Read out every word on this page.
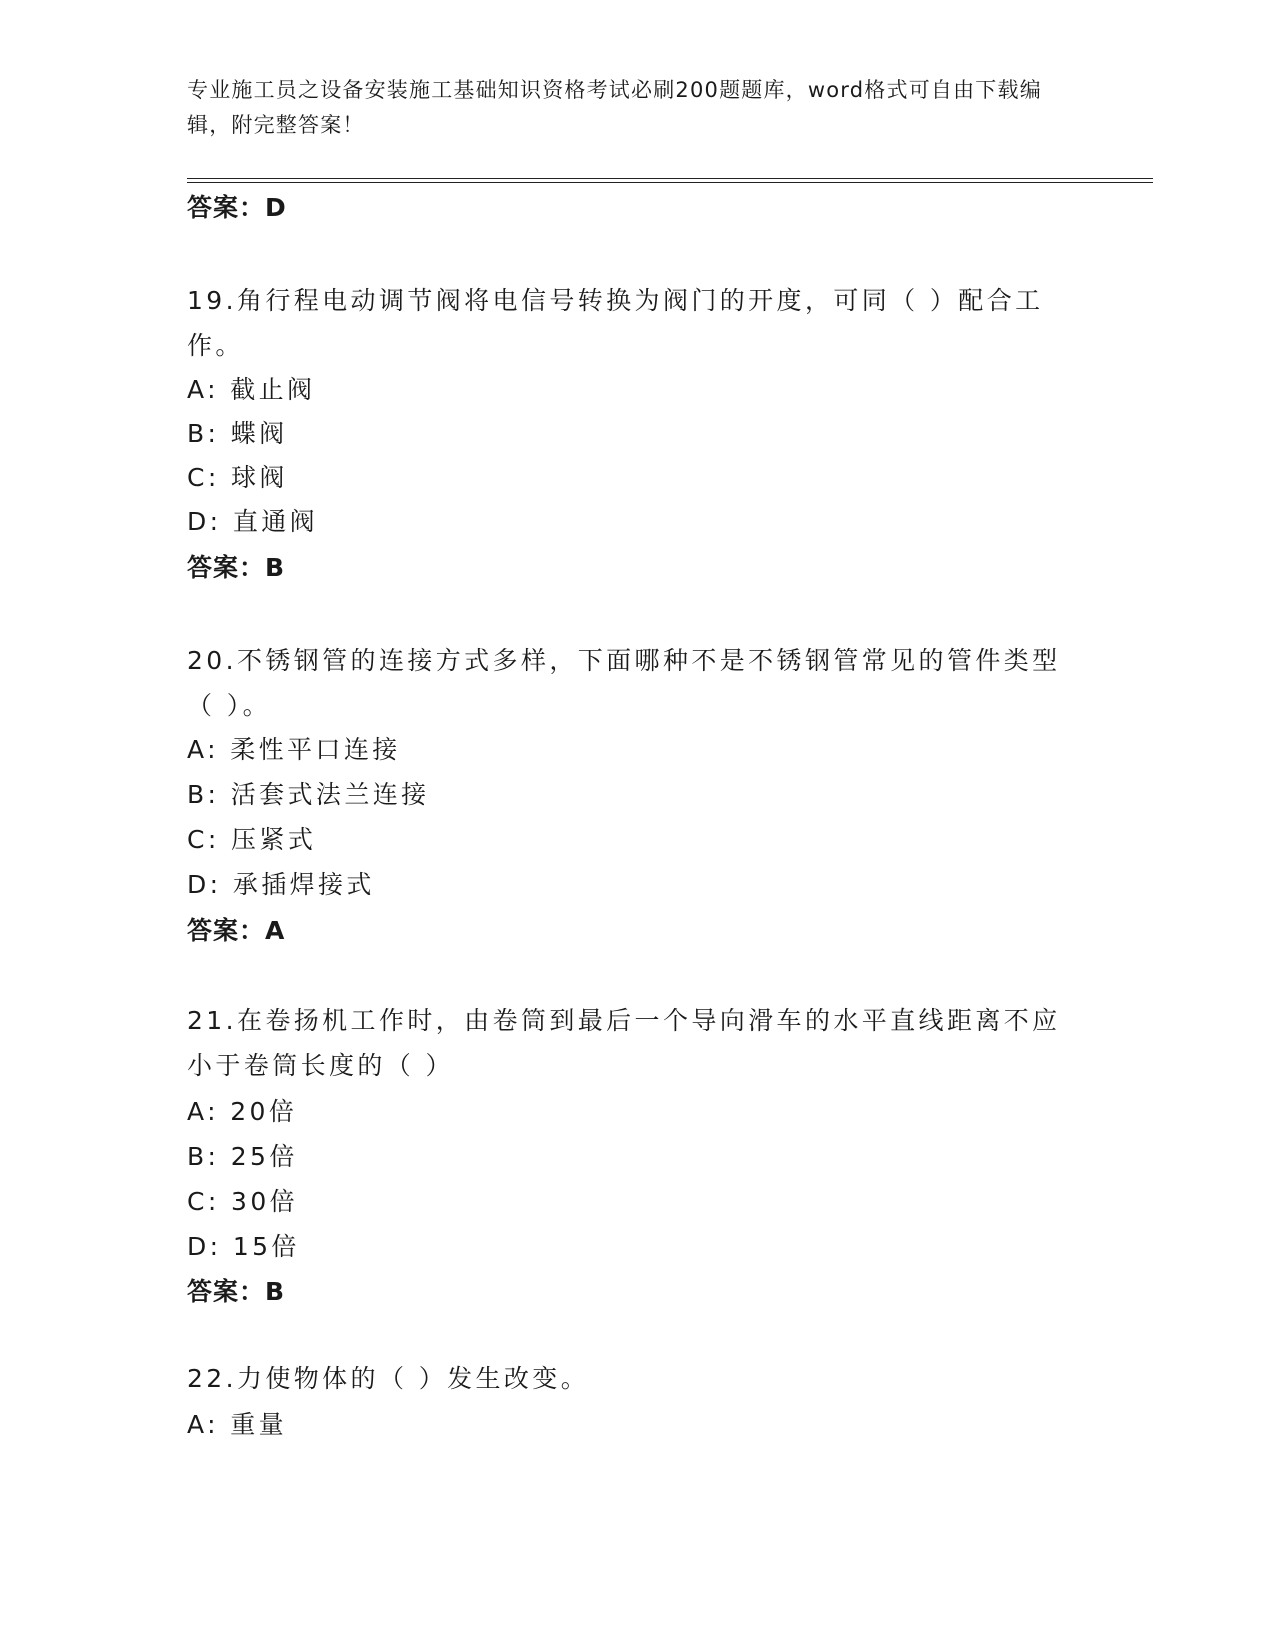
专业施工员之设备安装施工基础知识资格考试必刷200题题库，word格式可自由下载编辑，附完整答案！
答案：D
19.角行程电动调节阀将电信号转换为阀门的开度，可同（ ）配合工作。
A: 截止阀
B: 蝶阀
C: 球阀
D: 直通阀
答案：B
20.不锈钢管的连接方式多样，下面哪种不是不锈钢管常见的管件类型（ ）。
A: 柔性平口连接
B: 活套式法兰连接
C: 压紧式
D: 承插焊接式
答案：A
21.在卷扬机工作时，由卷筒到最后一个导向滑车的水平直线距离不应小于卷筒长度的（ ）
A: 20倍
B: 25倍
C: 30倍
D: 15倍
答案：B
22.力使物体的（ ）发生改变。
A: 重量
